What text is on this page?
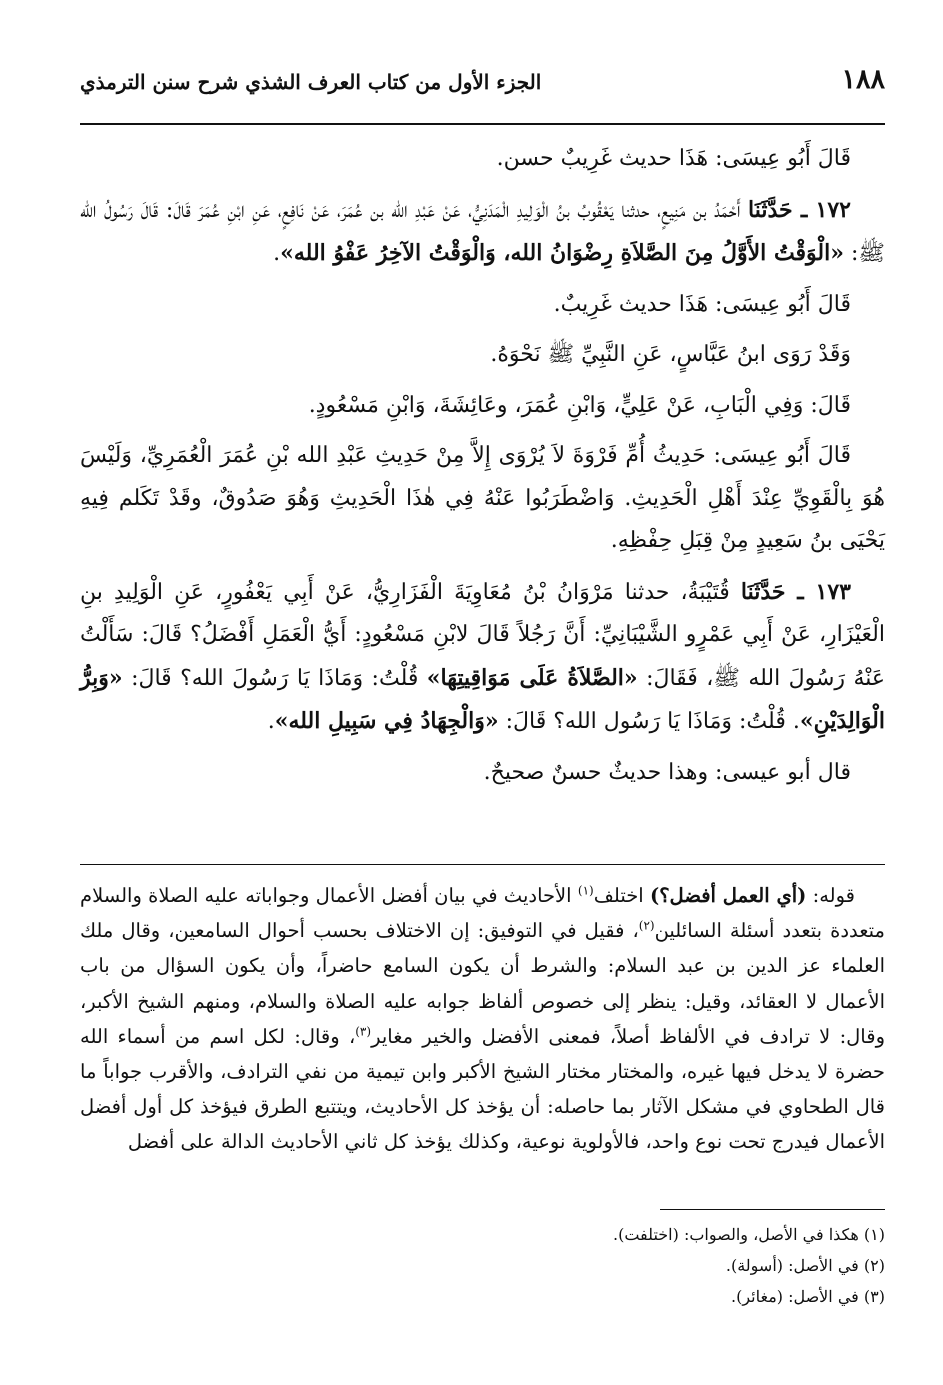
١٨٨
الجزء الأول من كتاب العرف الشذي شرح سنن الترمذي

قَالَ أَبُو عِيسَى: هَذَا حديث غَرِيبٌ حسن.

١٧٢ ـ حَدَّثَنَا أَحْمَدُ بن مَنِيعٍ، حدثنا يَعْقُوبُ بنُ الْوَلِيدِ الْمَدَنِيُّ، عَنْ عَبْدِ الله بن عُمَرَ، عَنْ نَافِعٍ، عَنِ ابْنِ عُمَرَ قَالَ: قَالَ رَسُولُ الله ﷺ: «الْوَقْتُ الأَوَّلُ مِنَ الصَّلاَةِ رِضْوَانُ الله، وَالْوَقْتُ الآخِرُ عَفْوُ الله».

قَالَ أَبُو عِيسَى: هَذَا حديث غَرِيبٌ.

وَقَدْ رَوَى ابنُ عَبَّاسٍ، عَنِ النَّبِيِّ ﷺ نَحْوَهُ.

قَالَ: وَفِي الْبَابِ، عَنْ عَلِيٍّ، وَابْنِ عُمَرَ، وعَائِشَةَ، وَابْنِ مَسْعُودٍ.

قَالَ أَبُو عِيسَى: حَدِيثُ أُمِّ فَرْوَةَ لاَ يُرْوَى إِلاَّ مِنْ حَدِيثِ عَبْدِ الله بْنِ عُمَرَ الْعُمَرِيِّ، وَلَيْسَ هُوَ بِالْقَوِيِّ عِنْدَ أَهْلِ الْحَدِيثِ. وَاضْطَرَبُوا عَنْهُ فِي هٰذَا الْحَدِيثِ وَهُوَ صَدُوقٌ، وقَدْ تَكَلم فِيهِ يَحْيَى بنُ سَعِيدٍ مِنْ قِبَلِ حِفْظِهِ.

١٧٣ ـ حَدَّثَنَا قُتَيْبَةُ، حدثنا مَرْوَانُ بْنُ مُعَاوِيَةَ الْفَزَارِيُّ، عَنْ أَبِي يَعْفُورٍ، عَنِ الْوَلِيدِ بنِ الْعَيْزَارِ، عَنْ أَبِي عَمْرٍو الشَّيْبَانِيِّ: أَنَّ رَجُلاً قَالَ لابْنِ مَسْعُودٍ: أَيُّ الْعَمَلِ أَفْضَلُ؟ قَالَ: سَأَلْتُ عَنْهُ رَسُولَ الله ﷺ، فَقَالَ: «الصَّلاَةُ عَلَى مَوَاقِيتِهَا» قُلْتُ: وَمَاذَا يَا رَسُولَ الله؟ قَالَ: «وَبِرُّ الْوَالِدَيْنِ». قُلْتُ: وَمَاذَا يَا رَسُول الله؟ قَالَ: «وَالْجِهَادُ فِي سَبِيلِ الله».

قال أبو عيسى: وهذا حديثٌ حسنٌ صحيحٌ.

قوله: (أي العمل أفضل؟) اختلف$^{(١)}$ الأحاديث في بيان أفضل الأعمال وجواباته عليه الصلاة والسلام متعددة بتعدد أسئلة السائلين$^{(٢)}$، فقيل في التوفيق: إن الاختلاف بحسب أحوال السامعين، وقال ملك العلماء عز الدين بن عبد السلام: والشرط أن يكون السامع حاضراً، وأن يكون السؤال من باب الأعمال لا العقائد، وقيل: ينظر إلى خصوص ألفاظ جوابه عليه الصلاة والسلام، ومنهم الشيخ الأكبر، وقال: لا ترادف في الألفاظ أصلاً، فمعنى الأفضل والخير مغاير$^{(٣)}$، وقال: لكل اسم من أسماء الله حضرة لا يدخل فيها غيره، والمختار مختار الشيخ الأكبر وابن تيمية من نفي الترادف، والأقرب جواباً ما قال الطحاوي في مشكل الآثار بما حاصله: أن يؤخذ كل الأحاديث، ويتتبع الطرق فيؤخذ كل أول أفضل الأعمال فيدرج تحت نوع واحد، فالأولوية نوعية، وكذلك يؤخذ كل ثاني الأحاديث الدالة على أفضل
(١) هكذا في الأصل، والصواب: (اختلفت).
(٢) في الأصل: (أسولة).
(٣) في الأصل: (مغائر).
